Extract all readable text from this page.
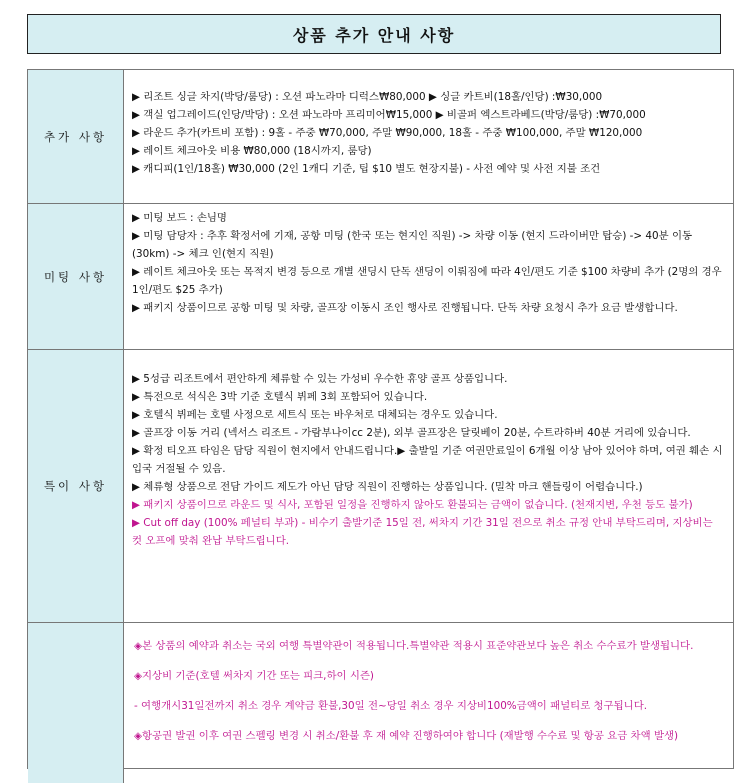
상품 추가 안내 사항
추가 사항

▶ 리조트 싱글 차지(박당/룸당) : 오션 파노라마 디럭스₩80,000 ▶ 싱글 카트비(18홀/인당) :₩30,000

▶ 객실 업그레이드(인당/박당) : 오션 파노라마 프리미어₩15,000 ▶ 비골퍼 엑스트라베드(박당/룸당) :₩70,000

▶ 라운드 추가(카트비 포함) : 9홀 - 주중 ₩70,000, 주말 ₩90,000, 18홀 - 주중 ₩100,000, 주말 ₩120,000

▶ 레이트 체크아웃 비용 ₩80,000 (18시까지, 룸당)

▶ 캐디피(1인/18홀) ₩30,000 (2인 1캐디 기준, 팁 $10 별도 현장지불) - 사전 예약 및 사전 지불 조건

미팅 사항

▶ 미팅 보드 : 손님명

▶ 미팅 담당자 : 추후 확정서에 기재, 공항 미팅 (한국 또는 현지인 직원) -> 차량 이동 (현지 드라이버만 탑승) -> 40분 이동 (30km) -> 체크 인(현지 직원)

▶ 레이트 체크아웃 또는 목적지 변경 등으로 개별 샌딩시 단독 샌딩이 이뤄짐에 따라 4인/편도 기준 $100 차량비 추가 (2명의 경우 1인/편도 $25 추가)

▶ 패키지 상품이므로 공항 미팅 및 차량, 골프장 이동시 조인 행사로 진행됩니다. 단독 차량 요청시 추가 요금 발생합니다.

특이 사항

▶ 5성급 리조트에서 편안하게 체류할 수 있는 가성비 우수한 휴양 골프 상품입니다.

▶ 특전으로 석식은 3박 기준 호텔식 뷔페 3회 포함되어 있습니다.

▶ 호텔식 뷔페는 호텔 사정으로 세트식 또는 바우처로 대체되는 경우도 있습니다.

▶ 골프장 이동 거리 (넥서스 리조트 - 가람부나이cc 2분), 외부 골프장은 달릿베이 20분, 수트라하버 40분 거리에 있습니다.

▶ 확정 티오프 타임은 담당 직원이 현지에서 안내드립니다.▶ 출발일 기준 여권만료일이 6개월 이상 남아 있어야 하며, 여권 훼손 시 입국 거절될 수 있음.

▶ 체류형 상품으로 전담 가이드 제도가 아닌 담당 직원이 진행하는 상품입니다. (밀착 마크 핸들링이 어렵습니다.)

▶ 패키지 상품이므로 라운드 및 식사, 포함된 일정을 진행하지 않아도 환불되는 금액이 없습니다. (천재지변, 우천 등도 불가)

▶ Cut off day (100% 페널티 부과) - 비수기 출발기준 15일 전, 써차지 기간 31일 전으로 취소 규정 안내 부탁드리며, 지상비는 컷 오프에 맞춰 완납 부탁드립니다.

◈본 상품의 예약과 취소는 국외 여행 특별약관이 적용됩니다.특별약관 적용시 표준약관보다 높은 취소 수수료가 발생됩니다.

◈지상비 기준(호텔 써차지 기간 또는 피크,하이 시즌)

- 여행개시31일전까지 취소 경우 계약금 환불,30일 전~당일 취소 경우 지상비100%금액이 패널티로 청구됩니다.

◈항공권 발권 이후 여권 스펠링 변경 시 취소/환불 후 재 예약 진행하여야 합니다 (재발행 수수료 및 항공 요금 차액 발생)
